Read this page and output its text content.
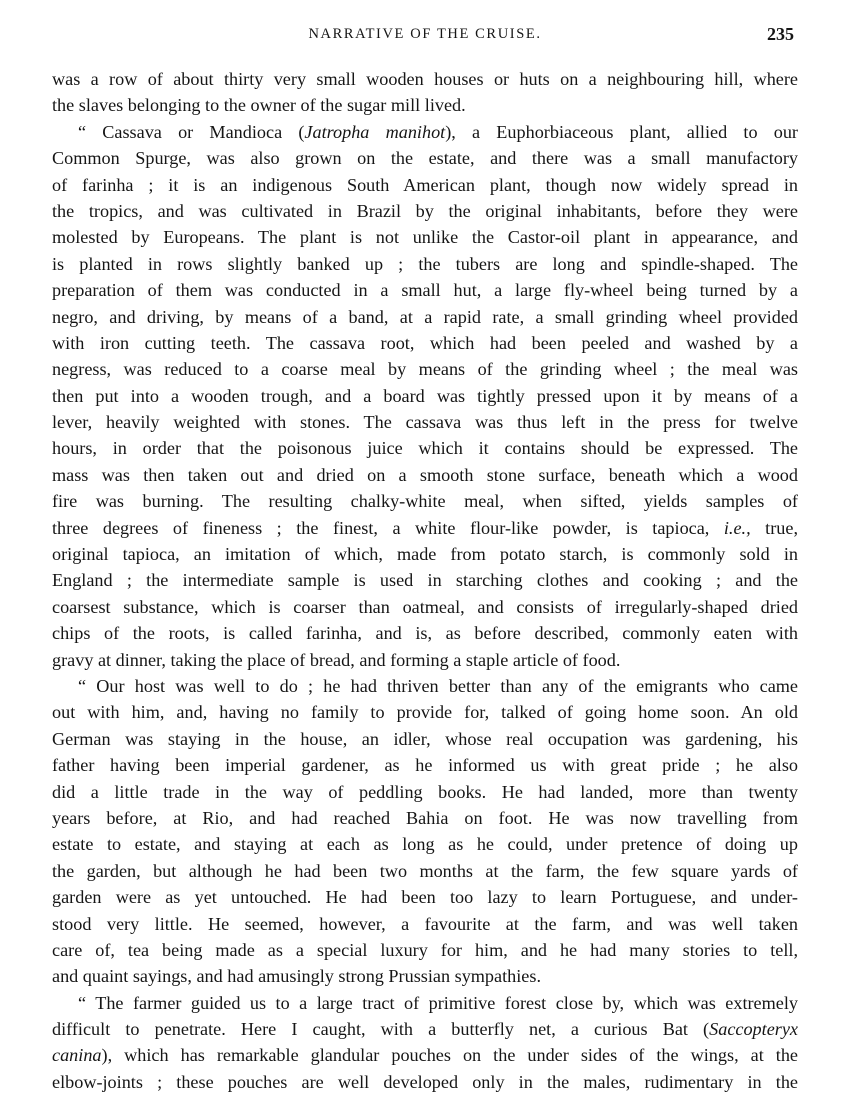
NARRATIVE OF THE CRUISE.	235
was a row of about thirty very small wooden houses or huts on a neighbouring hill, where
the slaves belonging to the owner of the sugar mill lived.
“ Cassava or Mandioca (Jatropha manihot), a Euphorbiaceous plant, allied to our
Common Spurge, was also grown on the estate, and there was a small manufactory
of farinha ; it is an indigenous South American plant, though now widely spread in
the tropics, and was cultivated in Brazil by the original inhabitants, before they were
molested by Europeans. The plant is not unlike the Castor-oil plant in appearance, and
is planted in rows slightly banked up ; the tubers are long and spindle-shaped. The
preparation of them was conducted in a small hut, a large fly-wheel being turned by a
negro, and driving, by means of a band, at a rapid rate, a small grinding wheel provided
with iron cutting teeth. The cassava root, which had been peeled and washed by a
negress, was reduced to a coarse meal by means of the grinding wheel ; the meal was
then put into a wooden trough, and a board was tightly pressed upon it by means of a
lever, heavily weighted with stones. The cassava was thus left in the press for twelve
hours, in order that the poisonous juice which it contains should be expressed. The
mass was then taken out and dried on a smooth stone surface, beneath which a wood
fire was burning. The resulting chalky-white meal, when sifted, yields samples of
three degrees of fineness ; the finest, a white flour-like powder, is tapioca, i.e., true,
original tapioca, an imitation of which, made from potato starch, is commonly sold in
England ; the intermediate sample is used in starching clothes and cooking ; and the
coarsest substance, which is coarser than oatmeal, and consists of irregularly-shaped dried
chips of the roots, is called farinha, and is, as before described, commonly eaten with
gravy at dinner, taking the place of bread, and forming a staple article of food.
“ Our host was well to do ; he had thriven better than any of the emigrants who came
out with him, and, having no family to provide for, talked of going home soon. An old
German was staying in the house, an idler, whose real occupation was gardening, his
father having been imperial gardener, as he informed us with great pride ; he also
did a little trade in the way of peddling books. He had landed, more than twenty
years before, at Rio, and had reached Bahia on foot. He was now travelling from
estate to estate, and staying at each as long as he could, under pretence of doing up
the garden, but although he had been two months at the farm, the few square yards of
garden were as yet untouched. He had been too lazy to learn Portuguese, and under-
stood very little. He seemed, however, a favourite at the farm, and was well taken
care of, tea being made as a special luxury for him, and he had many stories to tell,
and quaint sayings, and had amusingly strong Prussian sympathies.
“ The farmer guided us to a large tract of primitive forest close by, which was extremely
difficult to penetrate. Here I caught, with a butterfly net, a curious Bat (Saccopteryx
canina), which has remarkable glandular pouches on the under sides of the wings, at the
elbow-joints ; these pouches are well developed only in the males, rudimentary in the
